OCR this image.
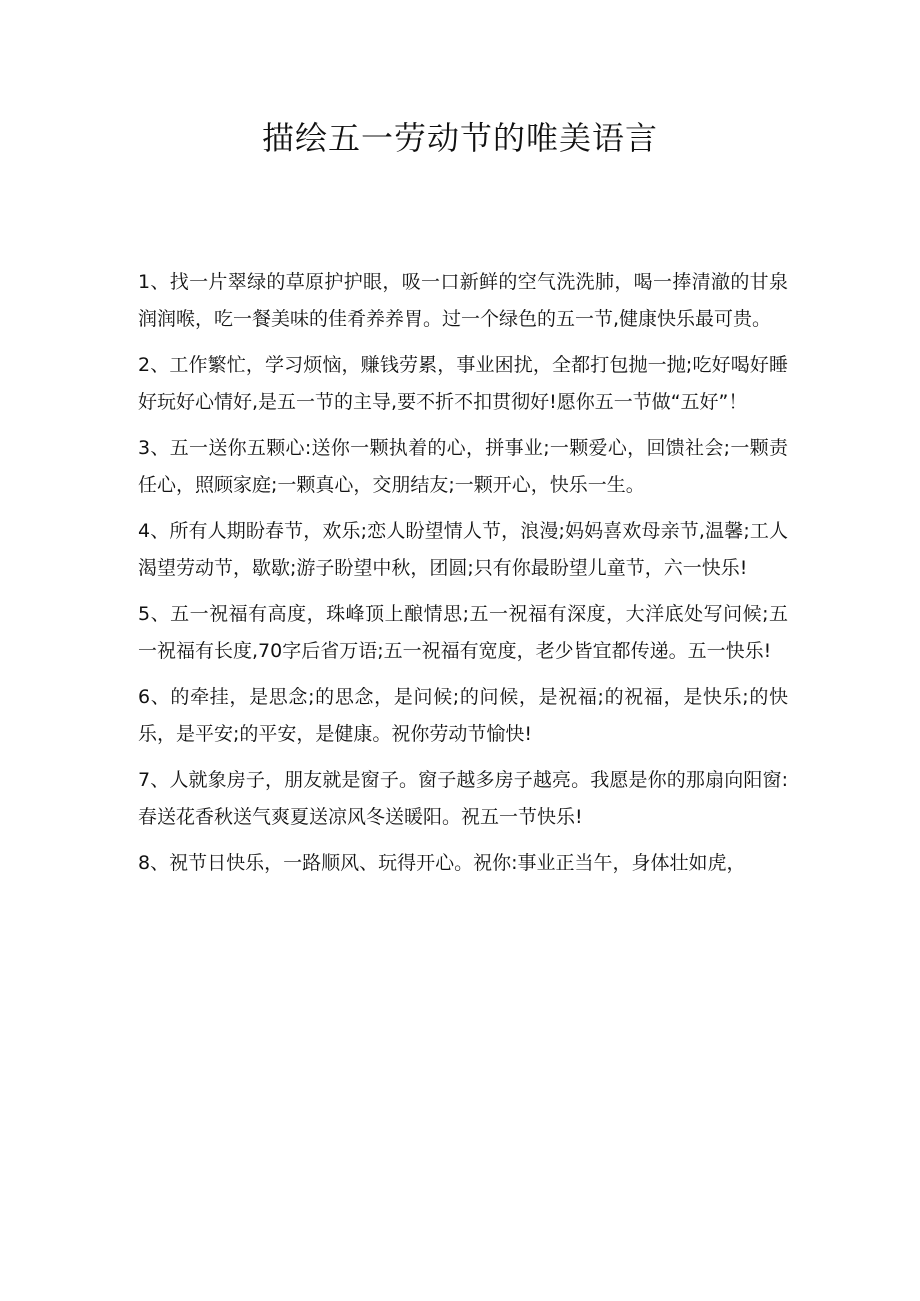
描绘五一劳动节的唯美语言

1、找一片翠绿的草原护护眼，吸一口新鲜的空气洗洗肺，喝一捧清澈的甘泉润润喉，吃一餐美味的佳肴养养胃。过一个绿色的五一节,健康快乐最可贵。

2、工作繁忙，学习烦恼，赚钱劳累，事业困扰，全都打包抛一抛;吃好喝好睡好玩好心情好,是五一节的主导,要不折不扣贯彻好!愿你五一节做“五好”！

3、五一送你五颗心:送你一颗执着的心，拼事业;一颗爱心，回馈社会;一颗责任心，照顾家庭;一颗真心，交朋结友;一颗开心，快乐一生。

4、所有人期盼春节，欢乐;恋人盼望情人节，浪漫;妈妈喜欢母亲节,温馨;工人渴望劳动节，歇歇;游子盼望中秋，团圆;只有你最盼望儿童节，六一快乐!

5、五一祝福有高度，珠峰顶上酿情思;五一祝福有深度，大洋底处写问候;五一祝福有长度,70字后省万语;五一祝福有宽度，老少皆宜都传递。五一快乐!

6、的牵挂，是思念;的思念，是问候;的问候，是祝福;的祝福，是快乐;的快乐，是平安;的平安，是健康。祝你劳动节愉快!

7、人就象房子，朋友就是窗子。窗子越多房子越亮。我愿是你的那扇向阳窗:春送花香秋送气爽夏送凉风冬送暖阳。祝五一节快乐!

8、祝节日快乐，一路顺风、玩得开心。祝你:事业正当午，身体壮如虎，
